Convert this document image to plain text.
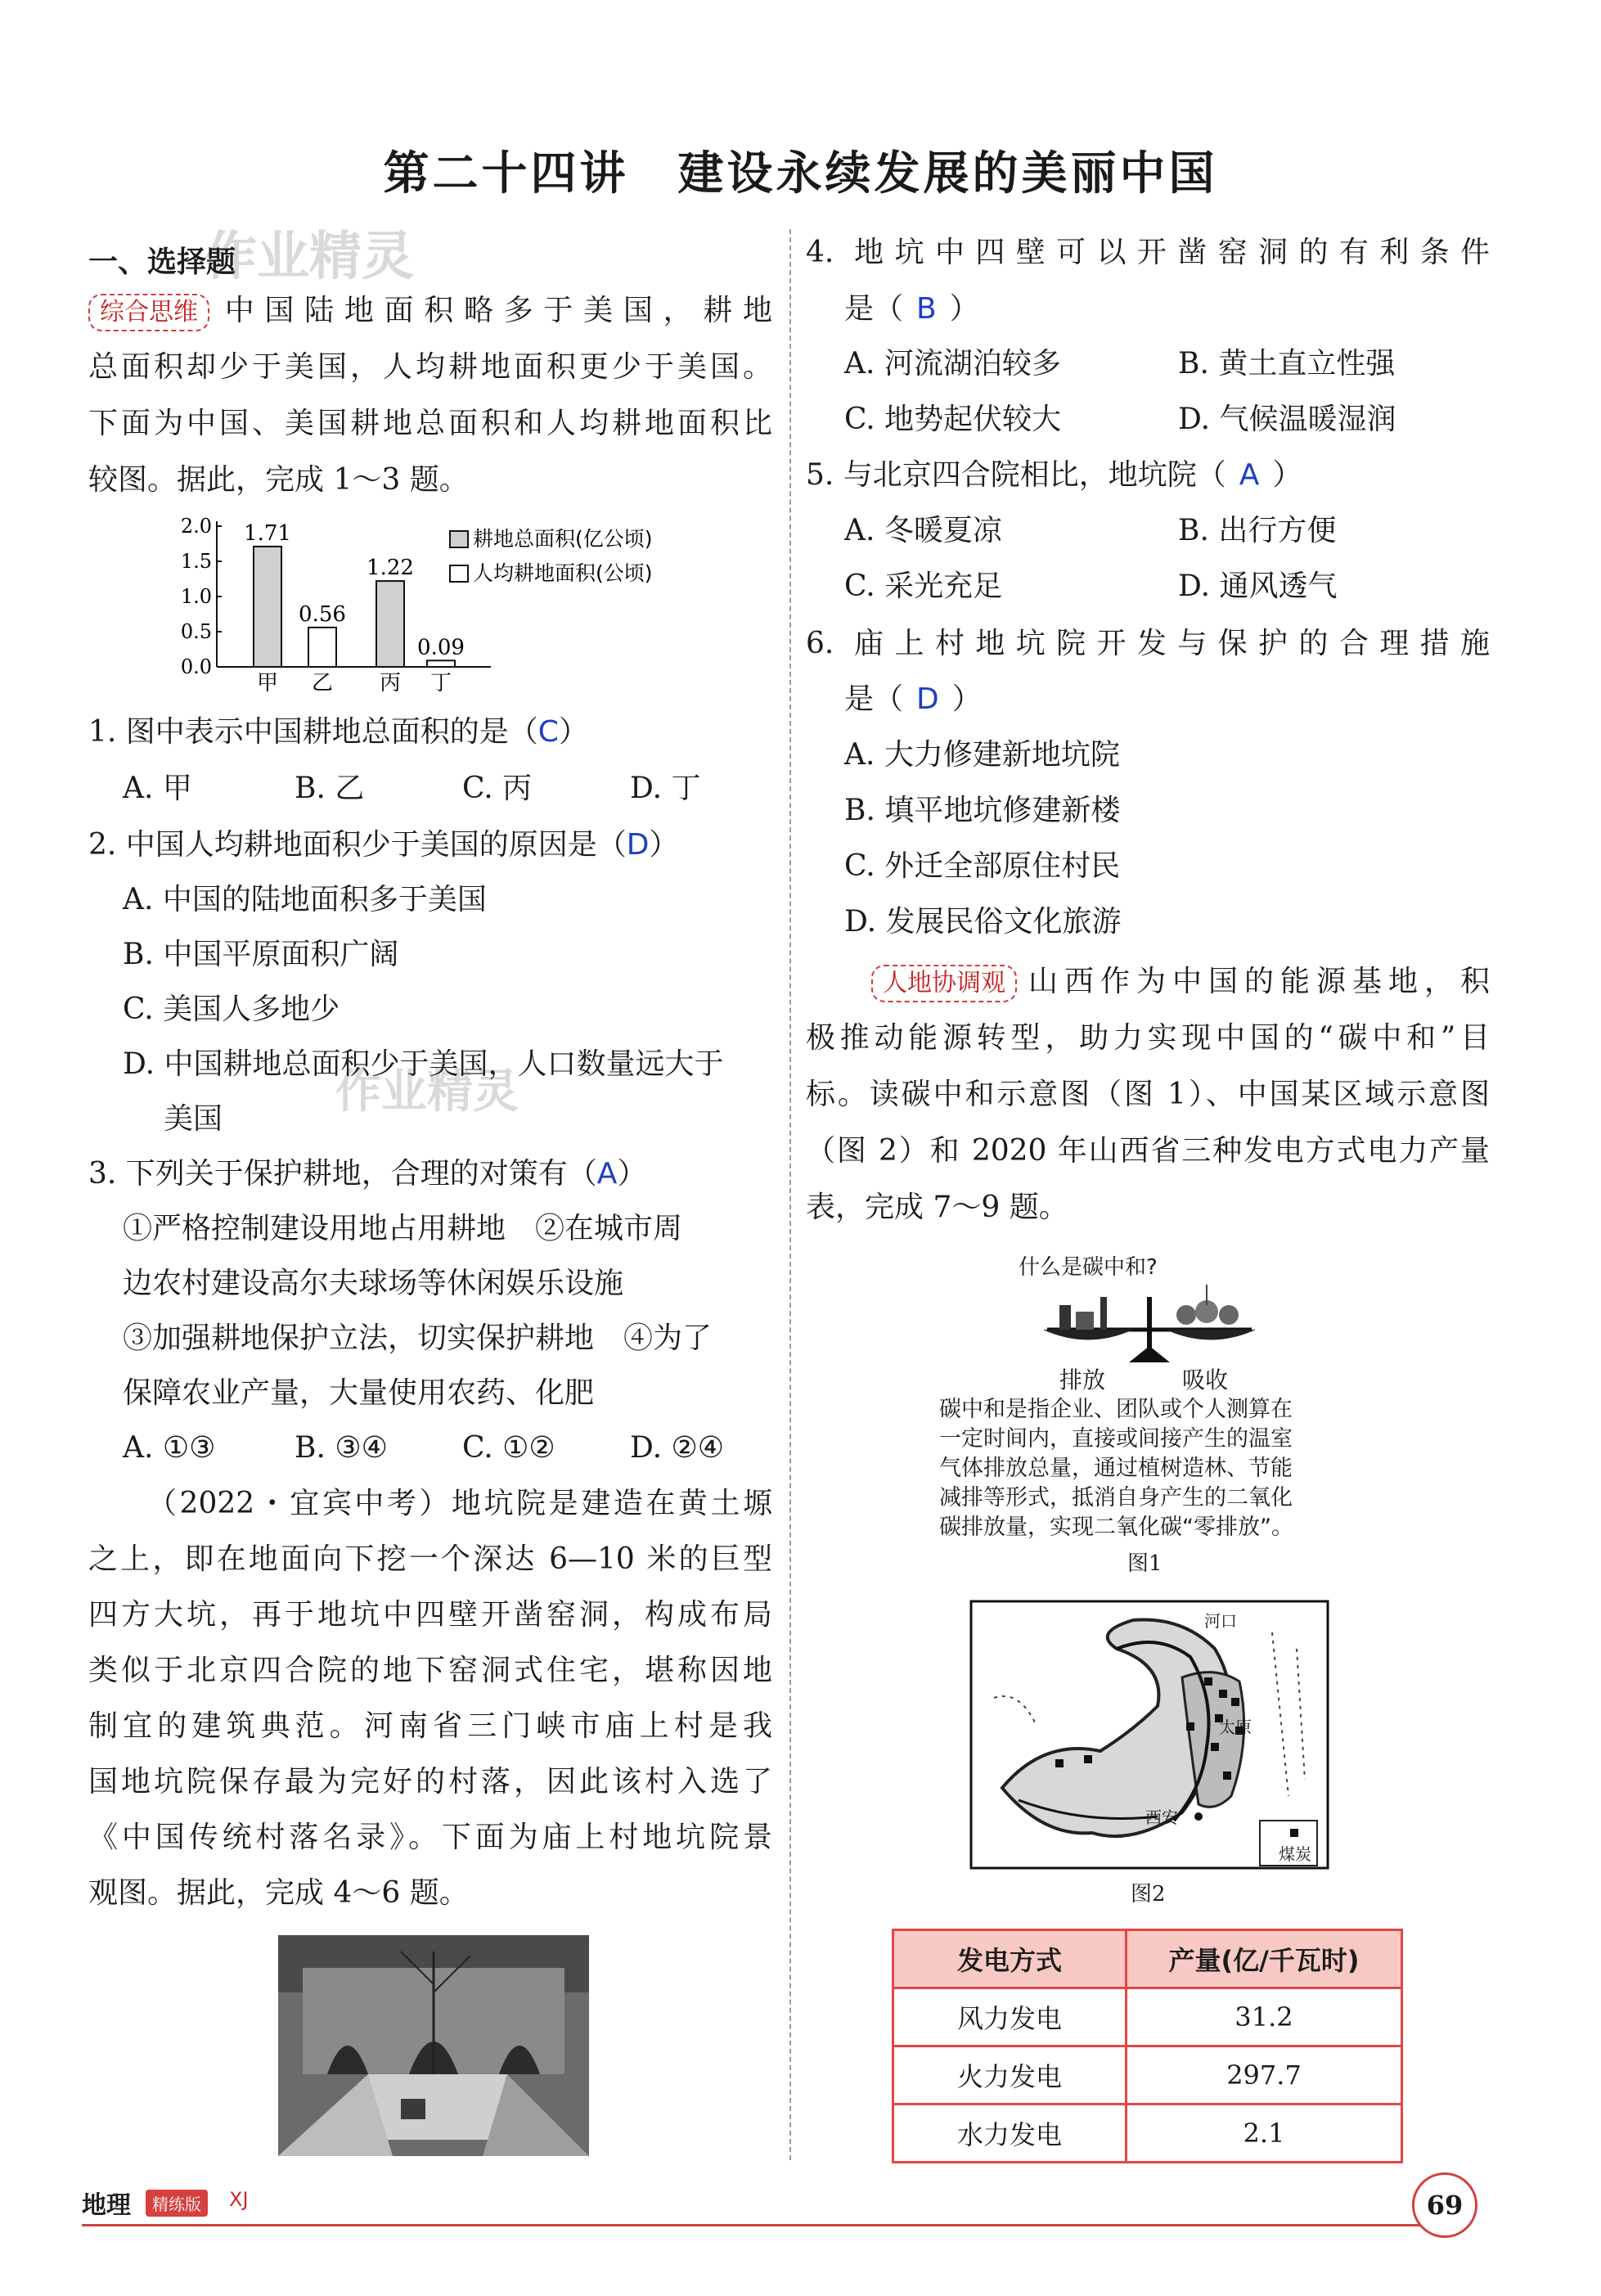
第二十四讲　建设永续发展的美丽中国
作业精灵
作业精灵
一、选择题
综合思维 中国陆地面积略多于美国，耕地
总面积却少于美国，人均耕地面积更少于美国。
下面为中国、美国耕地总面积和人均耕地面积比
较图。据此，完成 1～3 题。
2.0
1.5
1.0
0.5
0.0
1.71
甲
0.56
乙
1.22
丙
0.09
丁
耕地总面积(亿公顷)
人均耕地面积(公顷)
1. 图中表示中国耕地总面积的是（C）
A. 甲	B. 乙	C. 丙	D. 丁
2. 中国人均耕地面积少于美国的原因是（D）
A. 中国的陆地面积多于美国
B. 中国平原面积广阔
C. 美国人多地少
D. 中国耕地总面积少于美国，人口数量远大于
美国
3. 下列关于保护耕地，合理的对策有（A）
①严格控制建设用地占用耕地　②在城市周
边农村建设高尔夫球场等休闲娱乐设施
③加强耕地保护立法，切实保护耕地　④为了
保障农业产量，大量使用农药、化肥
A. ①③	B. ③④	C. ①②	D. ②④
（2022・宜宾中考）地坑院是建造在黄土塬
之上，即在地面向下挖一个深达 6—10 米的巨型
四方大坑，再于地坑中四壁开凿窑洞，构成布局
类似于北京四合院的地下窑洞式住宅，堪称因地
制宜的建筑典范。河南省三门峡市庙上村是我
国地坑院保存最为完好的村落，因此该村入选了
《中国传统村落名录》。下面为庙上村地坑院景
观图。据此，完成 4～6 题。
4. 地坑中四壁可以开凿窑洞的有利条件
是（ B ）
A. 河流湖泊较多	B. 黄土直立性强
C. 地势起伏较大	D. 气候温暖湿润
5. 与北京四合院相比，地坑院（ A ）
A. 冬暖夏凉	B. 出行方便
C. 采光充足	D. 通风透气
6. 庙上村地坑院开发与保护的合理措施
是（ D ）
A. 大力修建新地坑院
B. 填平地坑修建新楼
C. 外迁全部原住村民
D. 发展民俗文化旅游
人地协调观 山西作为中国的能源基地，积
极推动能源转型，助力实现中国的“碳中和”目
标。读碳中和示意图（图 1）、中国某区域示意图
（图 2）和 2020 年山西省三种发电方式电力产量
表，完成 7～9 题。
什么是碳中和?
排放	吸收
碳中和是指企业、团队或个人测算在
一定时间内，直接或间接产生的温室
气体排放总量，通过植树造林、节能
减排等形式，抵消自身产生的二氧化
碳排放量，实现二氧化碳“零排放”。
图1
河口
太原
西安
煤炭
图2
发电方式	产量(亿/千瓦时)
风力发电	31.2
火力发电	297.7
水力发电	2.1
地理	精练版	XJ	69
